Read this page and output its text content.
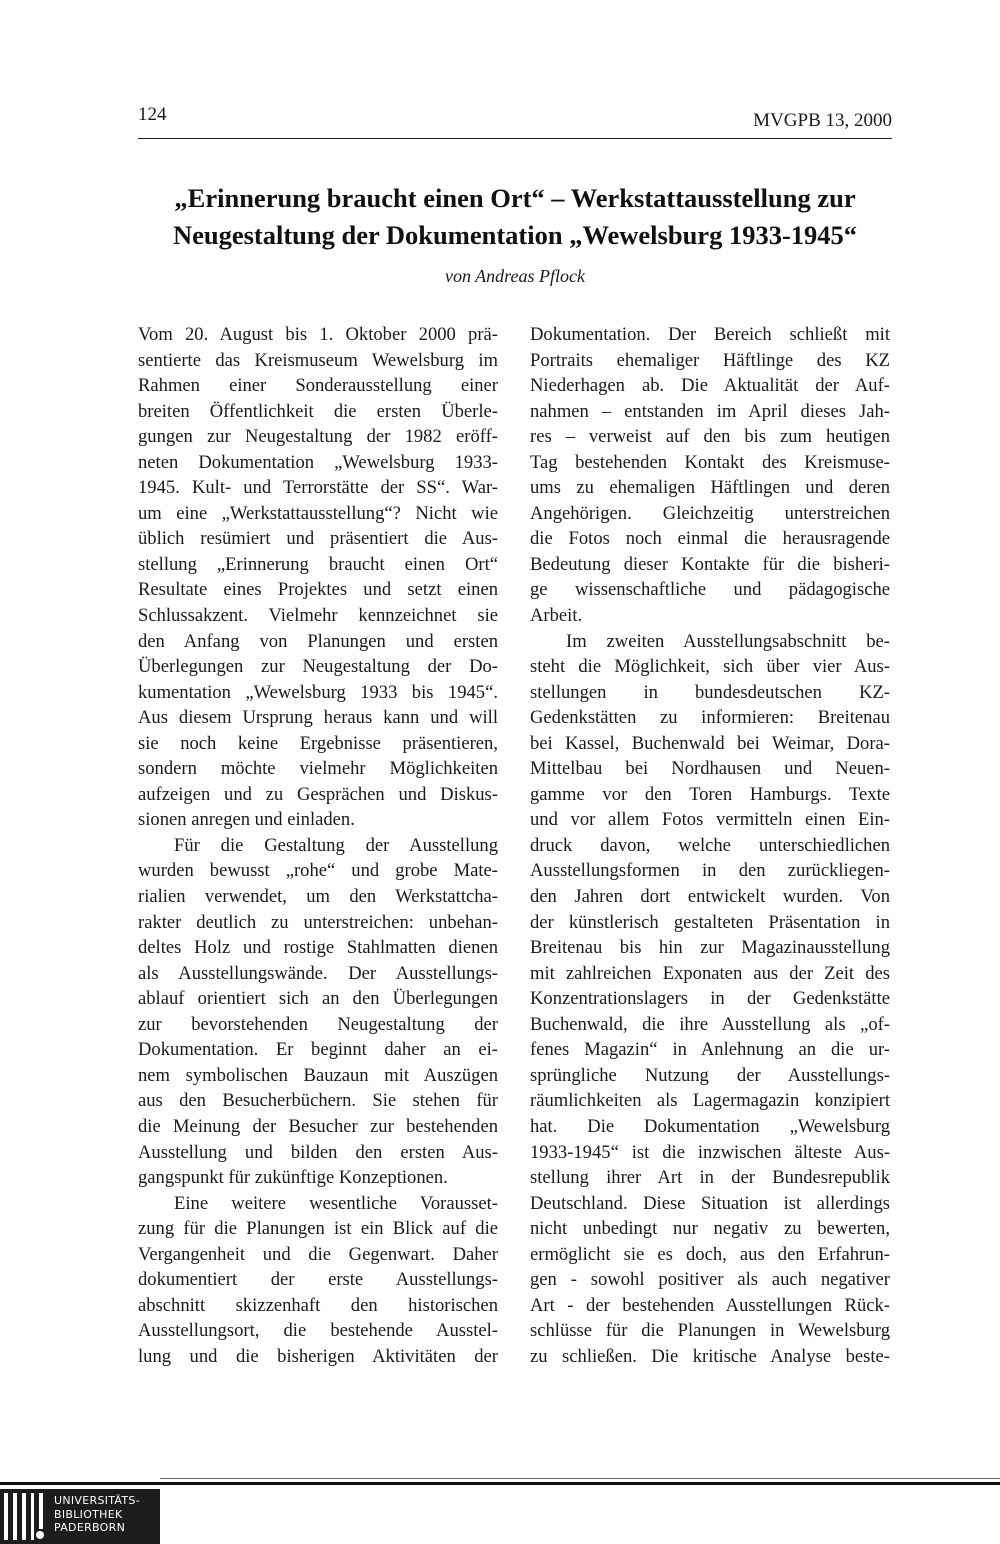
124	MVGPB 13, 2000
„Erinnerung braucht einen Ort“ – Werkstattausstellung zur
Neugestaltung der Dokumentation „Wewelsburg 1933-1945“
von Andreas Pflock
Vom 20. August bis 1. Oktober 2000 prä-
sentierte das Kreismuseum Wewelsburg im
Rahmen einer Sonderausstellung einer
breiten Öffentlichkeit die ersten Überle-
gungen zur Neugestaltung der 1982 eröff-
neten Dokumentation „Wewelsburg 1933-
1945. Kult- und Terrorstätte der SS“. War-
um eine „Werkstattausstellung“? Nicht wie
üblich resümiert und präsentiert die Aus-
stellung „Erinnerung braucht einen Ort“
Resultate eines Projektes und setzt einen
Schlussakzent. Vielmehr kennzeichnet sie
den Anfang von Planungen und ersten
Überlegungen zur Neugestaltung der Do-
kumentation „Wewelsburg 1933 bis 1945“.
Aus diesem Ursprung heraus kann und will
sie noch keine Ergebnisse präsentieren,
sondern möchte vielmehr Möglichkeiten
aufzeigen und zu Gesprächen und Diskus-
sionen anregen und einladen.
Für die Gestaltung der Ausstellung
wurden bewusst „rohe“ und grobe Mate-
rialien verwendet, um den Werkstattcha-
rakter deutlich zu unterstreichen: unbehan-
deltes Holz und rostige Stahlmatten dienen
als Ausstellungswände. Der Ausstellungs-
ablauf orientiert sich an den Überlegungen
zur bevorstehenden Neugestaltung der
Dokumentation. Er beginnt daher an ei-
nem symbolischen Bauzaun mit Auszügen
aus den Besucherbüchern. Sie stehen für
die Meinung der Besucher zur bestehenden
Ausstellung und bilden den ersten Aus-
gangspunkt für zukünftige Konzeptionen.
Eine weitere wesentliche Vorausset-
zung für die Planungen ist ein Blick auf die
Vergangenheit und die Gegenwart. Daher
dokumentiert der erste Ausstellungs-
abschnitt skizzenhaft den historischen
Ausstellungsort, die bestehende Ausstel-
lung und die bisherigen Aktivitäten der
Dokumentation. Der Bereich schließt mit
Portraits ehemaliger Häftlinge des KZ
Niederhagen ab. Die Aktualität der Auf-
nahmen – entstanden im April dieses Jah-
res – verweist auf den bis zum heutigen
Tag bestehenden Kontakt des Kreismuse-
ums zu ehemaligen Häftlingen und deren
Angehörigen. Gleichzeitig unterstreichen
die Fotos noch einmal die herausragende
Bedeutung dieser Kontakte für die bisheri-
ge wissenschaftliche und pädagogische
Arbeit.
Im zweiten Ausstellungsabschnitt be-
steht die Möglichkeit, sich über vier Aus-
stellungen in bundesdeutschen KZ-
Gedenkstätten zu informieren: Breitenau
bei Kassel, Buchenwald bei Weimar, Dora-
Mittelbau bei Nordhausen und Neuen-
gamme vor den Toren Hamburgs. Texte
und vor allem Fotos vermitteln einen Ein-
druck davon, welche unterschiedlichen
Ausstellungsformen in den zurückliegen-
den Jahren dort entwickelt wurden. Von
der künstlerisch gestalteten Präsentation in
Breitenau bis hin zur Magazinausstellung
mit zahlreichen Exponaten aus der Zeit des
Konzentrationslagers in der Gedenkstätte
Buchenwald, die ihre Ausstellung als „of-
fenes Magazin“ in Anlehnung an die ur-
sprüngliche Nutzung der Ausstellungs-
räumlichkeiten als Lagermagazin konzipiert
hat. Die Dokumentation „Wewelsburg
1933-1945“ ist die inzwischen älteste Aus-
stellung ihrer Art in der Bundesrepublik
Deutschland. Diese Situation ist allerdings
nicht unbedingt nur negativ zu bewerten,
ermöglicht sie es doch, aus den Erfahrun-
gen - sowohl positiver als auch negativer
Art - der bestehenden Ausstellungen Rück-
schlüsse für die Planungen in Wewelsburg
zu schließen. Die kritische Analyse beste-
UNIVERSITÄTS-
BIBLIOTHEK
PADERBORN
